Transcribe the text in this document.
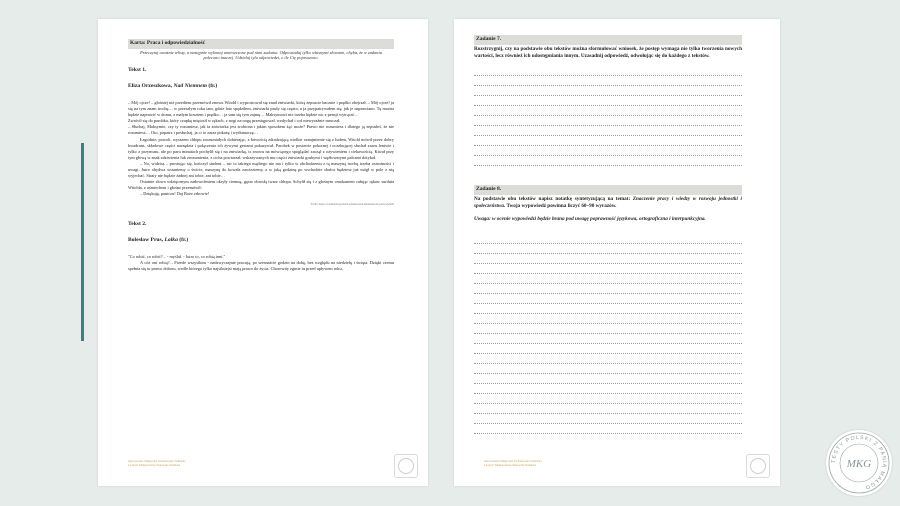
Karta: Praca i odpowiedzialność
Przeczytaj uważnie teksty, a następnie wykonaj umieszczone pod nimi zadania. Odpowiadaj tylko własnymi słowami, chyba, że w zadaniu polecono inaczej. Udzielaj tylu odpowiedzi, o ile Cię poproszono.
Tekst 1.
Eliza Orzeszkowa, Nad Niemnem (fr.)

– Mój ojcze! – głośniej niż przedtem przemówił znowu Witold i wyprostował się znad żniwiarki, którą zepsucie bacznie i prędko obejrzał. – Mój ojcze! ja się na tym znam trochę… w przeszłym roku tam, gdzie lato spędziłem, żniwiarki psuły się często, a ja przypatrywałem się, jak je naprawiano. Tę można będzie naprawić w domu, z małym kosztem i prędko… ja sam się tym zajmę… Maksymowi nie trzeba będzie nic z pensji wytrącać…

Zwrócił się do parobka, który czapkę miętosił w rękach, z nogi na nogę przestępował, wzdychał i coś niewyraźnie mruczał.

– Słuchaj, Maksymie, czy ty rozumiesz, jak ta żniwiarka jest zrobiona i jakim sposobem żąć może? Prawo nie rozumiesz i dlatego ją zepsułeś, że nie rozumiesz… Oto, popatrz i posłuchaj, ja ci to zaraz pokażę i wytłumaczę…

Łagodnie, powoli, wyrazem chłopu zrozumiałych dobierając, z łatwością zdradzającą wielkie oznajmienie się z ludem, Witold mówił przez dobry kwadrans, składowe części narzędzia i połączenia ich żywymi gestami pokazywał. Parobek w postawie pokornej i oczekującej słuchał zrazu leniwie i tylko z przymusu, ale po paru minutach pochylił się i na żniwiarkę, ts znowu na mówiącego spoglądać zaczął z ożywieniem i ciekawością. Kiwał przy tym głową w znak zdziwienia lub zrozumienia, z cicha powtarzał, wskazywanych mu części żniwiarki grubymi i wężłowatymi palcami dotykał.

– No, widzisz – prostując się, kończył student – nic to takiego mądrego nie ma i tylko w obchodzeniu z tą maszyną trochę trzeba ostrożności i uwagi. Jutro obydwa wstaniemy o świcie, maszynę do kowala zawieziemy, a w jaką godzinę po wschodzie słońca będziesz już mógł w pole z nią wyjechać. Straty nie będzie żadnej ani tobie, ani tobie…

Ostatnie słowa wdzięcznym zadowoleniem okryły ciemną, gęsto obrosłą twarz chłopa. Schylił się i z głośnym cmokaniem całując rękaw surduta Witolda, z uśmiechem i głośno przemówił:

– Dziękuję, paniczu! Daj Boże zdrowie!

Źródło: https://wolnelektury.pl/katalog/lektura/nad-niemnem-tom-pierwszy.html
Tekst 2.
Bolesław Prus, Lalka (fr.)

"Co robić, co robić?... - myślał. - Jutro to, co robią inni."

A cóż oni robią?... Przede wszystkim - nadzwyczajnie pracują, po szesnaście godzin na dobę, bez względu na niedzielę i święta. Dzięki czemu spełnia się tu prawo doboru, wedle którego tylko najsilniejsi mają prawo do życia. Chorowity zginie tu przed upływem roku,

Opracowanie: Małgorzata Kochanowska Stadnicka
Licencja: Małgorzata Kochanowska Stadnicka
Zadanie 7.

Rozstrzygnij, czy na podstawie obu tekstów można sformułować wniosek, że postęp wymaga nie tylko tworzenia nowych wartości, lecz również ich udostępniania innym. Uzasadnij odpowiedź, odwołując się do każdego z tekstów.

Zadanie 8.

Na podstawie obu tekstów napisz notatkę syntetyzującą na temat: Znaczenie pracy i wiedzy w rozwoju jednostki i społeczeństwa. Twoja wypowiedź powinna liczyć 60–90 wyrazów.

Uwaga: w ocenie wypowiedzi będzie brana pod uwagę poprawność językowa, ortograficzna i interpunkcyjna.
Opracowanie: Małgorzata Kochanowska Stadnicka
Licencja: Małgorzata Kochanowska Stadnicka
TESTY POLSKI Z PANIĄ MAŁGO
MKG
